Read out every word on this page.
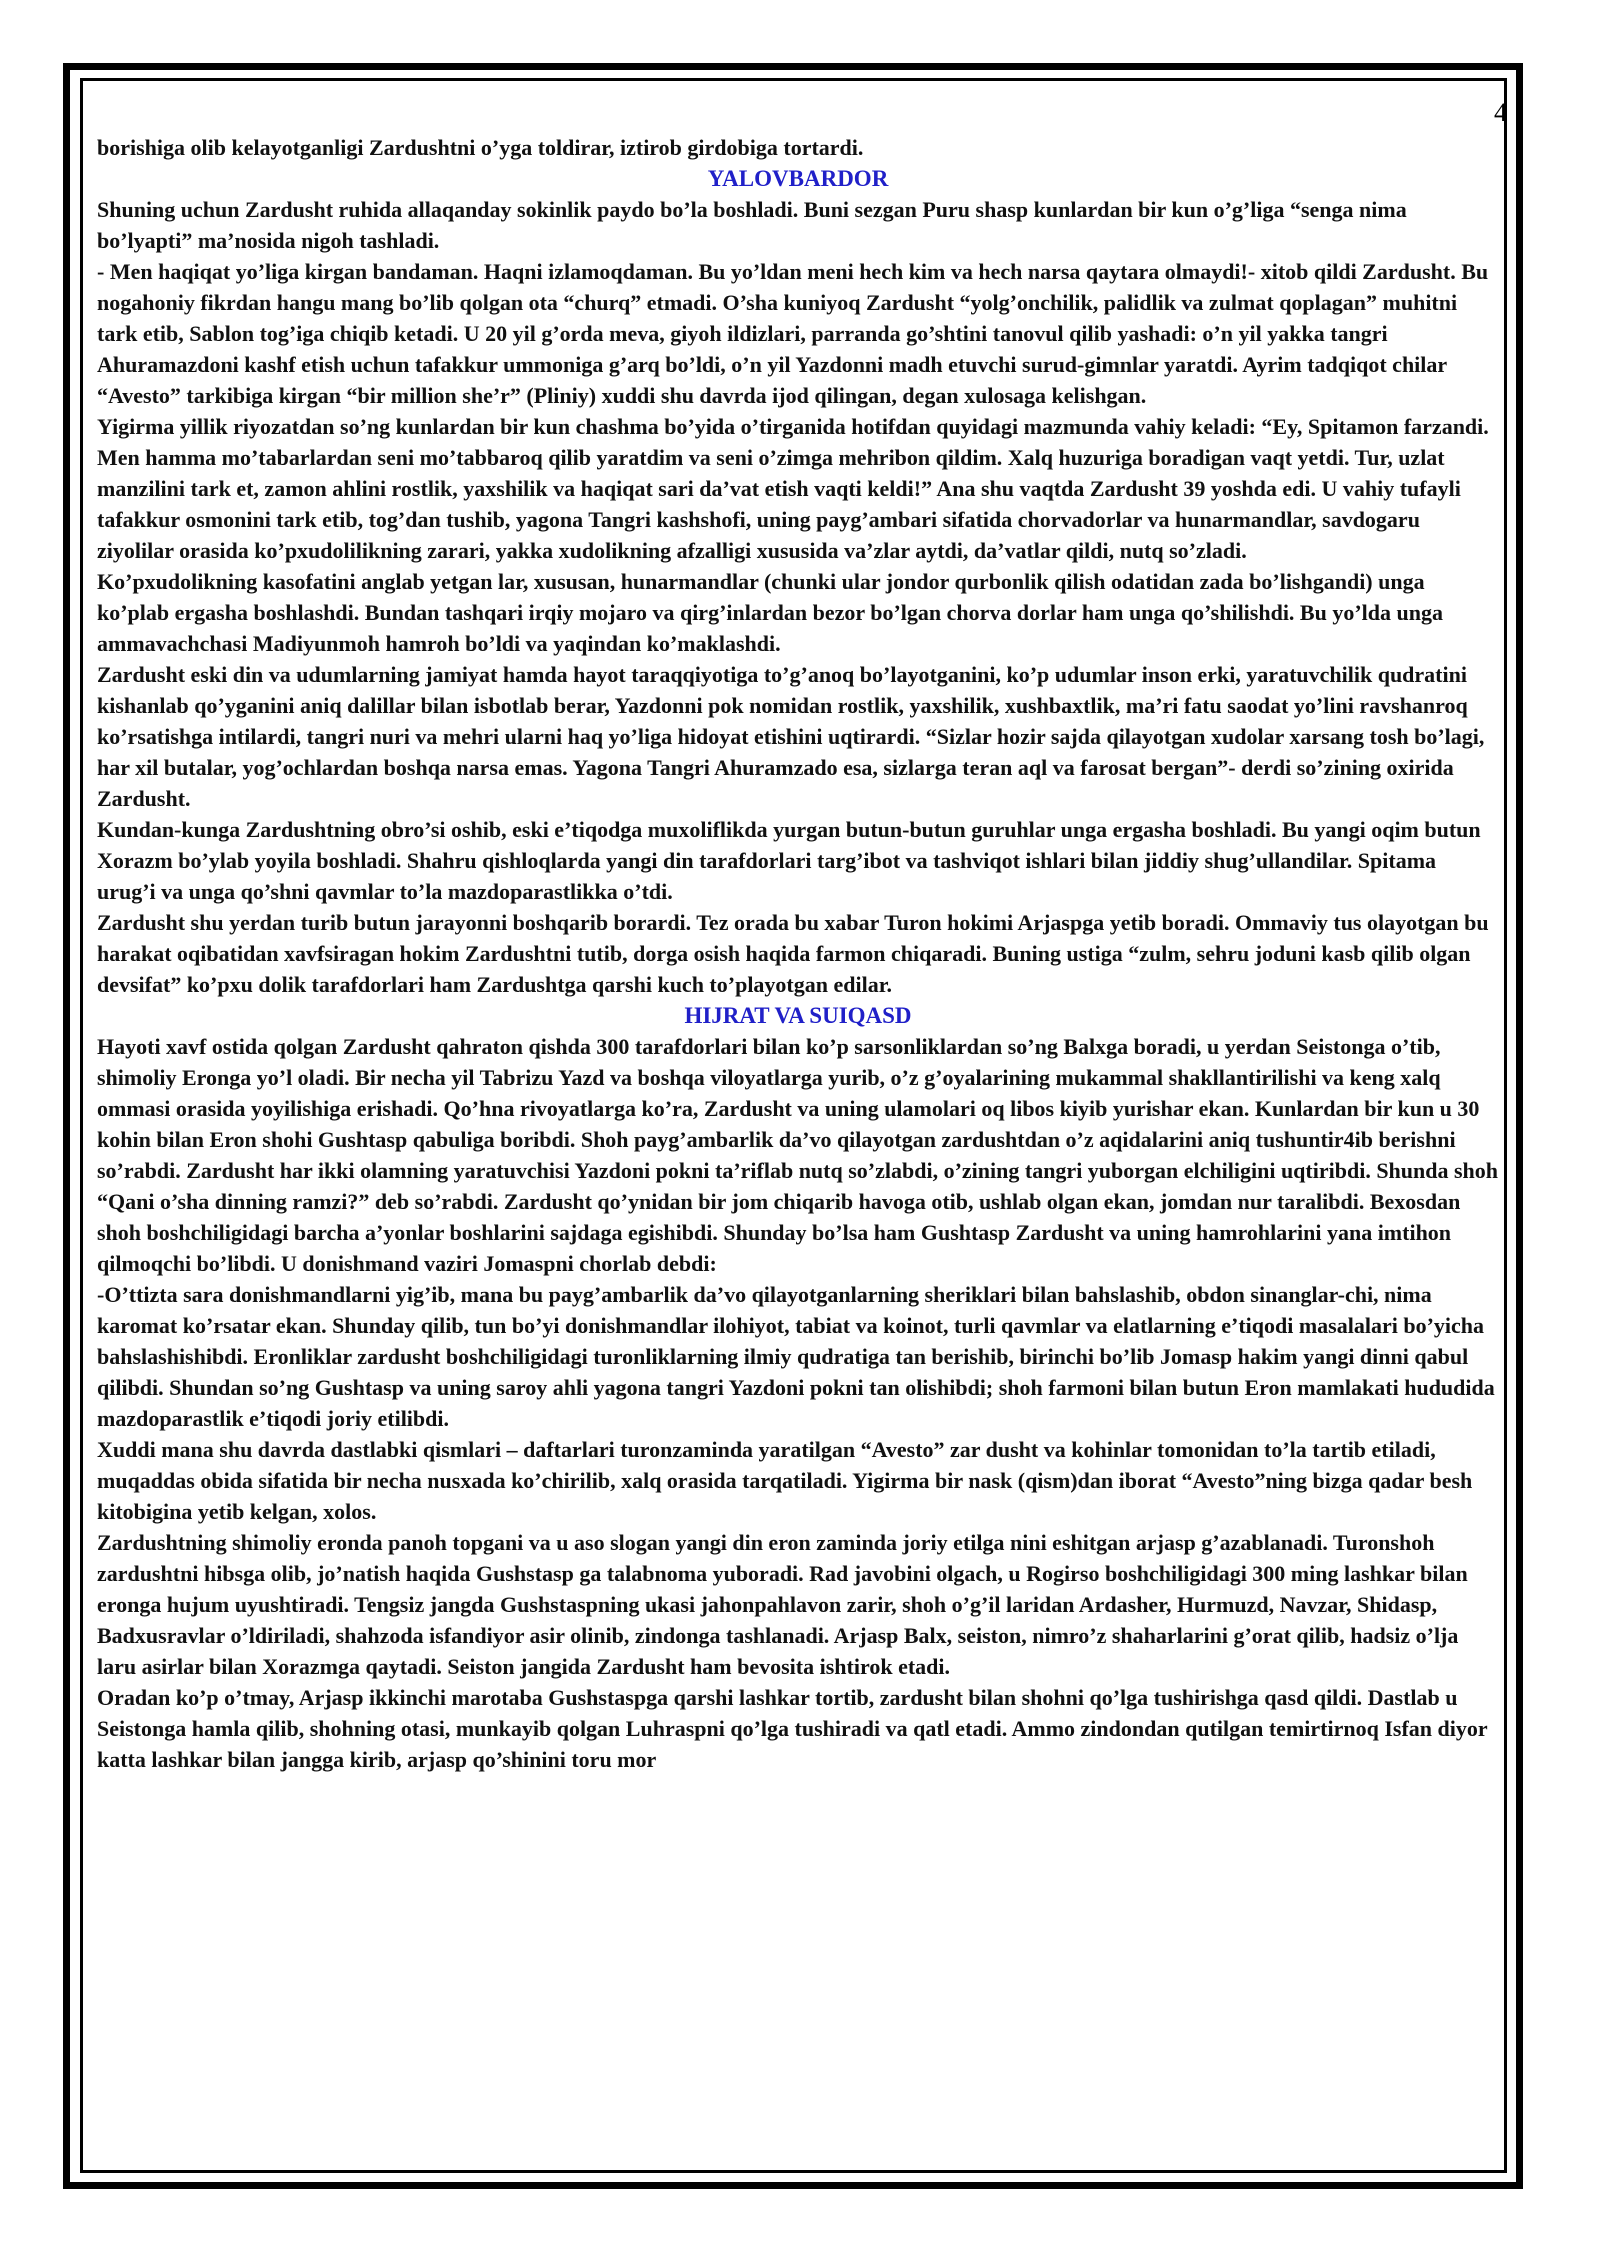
4

borishiga olib kelayotganligi Zardushtni o’yga toldirar, iztirob girdobiga tortardi.

YALOVBARDOR

Shuning uchun Zardusht ruhida allaqanday sokinlik paydo bo’la boshladi. Buni sezgan Puru shasp kunlardan bir kun o’g’liga “senga nima bo’lyapti” ma’nosida nigoh tashladi.

- Men haqiqat yo’liga kirgan bandaman. Haqni izlamoqdaman. Bu yo’ldan meni hech kim va hech narsa qaytara olmaydi!- xitob qildi Zardusht. Bu nogahoniy fikrdan hangu mang bo’lib qolgan ota “churq” etmadi. O’sha kuniyoq Zardusht “yolg’onchilik, palidlik va zulmat qoplagan” muhitni tark etib, Sablon tog’iga chiqib ketadi. U 20 yil g’orda meva, giyoh ildizlari, parranda go’shtini tanovul qilib yashadi: o’n yil yakka tangri Ahuramazdoni kashf etish uchun tafakkur ummoniga g’arq bo’ldi, o’n yil Yazdonni madh etuvchi surud-gimnlar yaratdi. Ayrim tadqiqot chilar “Avesto” tarkibiga kirgan “bir million she’r” (Pliniy) xuddi shu davrda ijod qilingan, degan xulosaga kelishgan.

Yigirma yillik riyozatdan so’ng kunlardan bir kun chashma bo’yida o’tirganida hotifdan quyidagi mazmunda vahiy keladi: “Ey, Spitamon farzandi. Men hamma mo’tabarlardan seni mo’tabbaroq qilib yaratdim va seni o’zimga mehribon qildim. Xalq huzuriga boradigan vaqt yetdi. Tur, uzlat manzilini tark et, zamon ahlini rostlik, yaxshilik va haqiqat sari da’vat etish vaqti keldi!” Ana shu vaqtda Zardusht 39 yoshda edi. U vahiy tufayli tafakkur osmonini tark etib, tog’dan tushib, yagona Tangri kashshofi, uning payg’ambari sifatida chorvadorlar va hunarmandlar, savdogaru ziyolilar orasida ko’pxudolilikning zarari, yakka xudolikning afzalligi xususida va’zlar aytdi, da’vatlar qildi, nutq so’zladi.

Ko’pxudolikning kasofatini anglab yetgan lar, xususan, hunarmandlar (chunki ular jondor qurbonlik qilish odatidan zada bo’lishgandi) unga ko’plab ergasha boshlashdi. Bundan tashqari irqiy mojaro va qirg’inlardan bezor bo’lgan chorva dorlar ham unga qo’shilishdi. Bu yo’lda unga ammavachchasi Madiyunmoh hamroh bo’ldi va yaqindan ko’maklashdi.

Zardusht eski din va udumlarning jamiyat hamda hayot taraqqiyotiga to’g’anoq bo’layotganini, ko’p udumlar inson erki, yaratuvchilik qudratini kishanlab qo’yganini aniq dalillar bilan isbotlab berar, Yazdonni pok nomidan rostlik, yaxshilik, xushbaxtlik, ma’ri fatu saodat yo’lini ravshanroq ko’rsatishga intilardi, tangri nuri va mehri ularni haq yo’liga hidoyat etishini uqtirardi. “Sizlar hozir sajda qilayotgan xudolar xarsang tosh bo’lagi, har xil butalar, yog’ochlardan boshqa narsa emas. Yagona Tangri Ahuramzado esa, sizlarga teran aql va farosat bergan”- derdi so’zining oxirida Zardusht.

Kundan-kunga Zardushtning obro’si oshib, eski e’tiqodga muxoliflikda yurgan butun-butun guruhlar unga ergasha boshladi. Bu yangi oqim butun Xorazm bo’ylab yoyila boshladi. Shahru qishloqlarda yangi din tarafdorlari targ’ibot va tashviqot ishlari bilan jiddiy shug’ullandilar. Spitama urug’i va unga qo’shni qavmlar to’la mazdoparastlikka o’tdi.

Zardusht shu yerdan turib butun jarayonni boshqarib borardi. Tez orada bu xabar Turon hokimi Arjaspga yetib boradi. Ommaviy tus olayotgan bu harakat oqibatidan xavfsiragan hokim Zardushtni tutib, dorga osish haqida farmon chiqaradi. Buning ustiga “zulm, sehru joduni kasb qilib olgan devsifat” ko’pxu dolik tarafdorlari ham Zardushtga qarshi kuch to’playotgan edilar.

HIJRAT VA SUIQASD

Hayoti xavf ostida qolgan Zardusht qahraton qishda 300 tarafdorlari bilan ko’p sarsonliklardan so’ng Balxga boradi, u yerdan Seistonga o’tib, shimoliy Eronga yo’l oladi. Bir necha yil Tabrizu Yazd va boshqa viloyatlarga yurib, o’z g’oyalarining mukammal shakllantirilishi va keng xalq ommasi orasida yoyilishiga erishadi. Qo’hna rivoyatlarga ko’ra, Zardusht va uning ulamolari oq libos kiyib yurishar ekan. Kunlardan bir kun u 30 kohin bilan Eron shohi Gushtasp qabuliga boribdi. Shoh payg’ambarlik da’vo qilayotgan zardushtdan o’z aqidalarini aniq tushuntir4ib berishni so’rabdi. Zardusht har ikki olamning yaratuvchisi Yazdoni pokni ta’riflab nutq so’zlabdi, o’zining tangri yuborgan elchiligini uqtiribdi. Shunda shoh “Qani o’sha dinning ramzi?” deb so’rabdi. Zardusht qo’ynidan bir jom chiqarib havoga otib, ushlab olgan ekan, jomdan nur taralibdi. Bexosdan shoh boshchiligidagi barcha a’yonlar boshlarini sajdaga egishibdi. Shunday bo’lsa ham Gushtasp Zardusht va uning hamrohlarini yana imtihon qilmoqchi bo’libdi. U donishmand vaziri Jomaspni chorlab debdi:

-O’ttizta sara donishmandlarni yig’ib, mana bu payg’ambarlik da’vo qilayotganlarning sheriklari bilan bahslashib, obdon sinanglar-chi, nima karomat ko’rsatar ekan. Shunday qilib, tun bo’yi donishmandlar ilohiyot, tabiat va koinot, turli qavmlar va elatlarning e’tiqodi masalalari bo’yicha bahslashishibdi. Eronliklar zardusht boshchiligidagi turonliklarning ilmiy qudratiga tan berishib, birinchi bo’lib Jomasp hakim yangi dinni qabul qilibdi. Shundan so’ng Gushtasp va uning saroy ahli yagona tangri Yazdoni pokni tan olishibdi; shoh farmoni bilan butun Eron mamlakati hududida mazdoparastlik e’tiqodi joriy etilibdi.

Xuddi mana shu davrda dastlabki qismlari – daftarlari turonzaminda yaratilgan “Avesto” zar dusht va kohinlar tomonidan to’la tartib etiladi, muqaddas obida sifatida bir necha nusxada ko’chirilib, xalq orasida tarqatiladi. Yigirma bir nask (qism)dan iborat “Avesto”ning bizga qadar besh kitobigina yetib kelgan, xolos.

Zardushtning shimoliy eronda panoh topgani va u aso slogan yangi din eron zaminda joriy etilga nini eshitgan arjasp g’azablanadi. Turonshoh zardushtni hibsga olib, jo’natish haqida Gushstasp ga talabnoma yuboradi. Rad javobini olgach, u Rogirso boshchiligidagi 300 ming lashkar bilan eronga hujum uyushtiradi. Tengsiz jangda Gushstaspning ukasi jahonpahlavon zarir, shoh o’g’il laridan Ardasher, Hurmuzd, Navzar, Shidasp, Badxusravlar o’ldiriladi, shahzoda isfandiyor asir olinib, zindonga tashlanadi. Arjasp Balx, seiston, nimro’z shaharlarini g’orat qilib, hadsiz o’lja laru asirlar bilan Xorazmga qaytadi. Seiston jangida Zardusht ham bevosita ishtirok etadi.

Oradan ko’p o’tmay, Arjasp ikkinchi marotaba Gushstaspga qarshi lashkar tortib, zardusht bilan shohni qo’lga tushirishga qasd qildi. Dastlab u Seistonga hamla qilib, shohning otasi, munkayib qolgan Luhraspni qo’lga tushiradi va qatl etadi. Ammo zindondan qutilgan temirtirnoq Isfan diyor katta lashkar bilan jangga kirib, arjasp qo’shinini toru mor
